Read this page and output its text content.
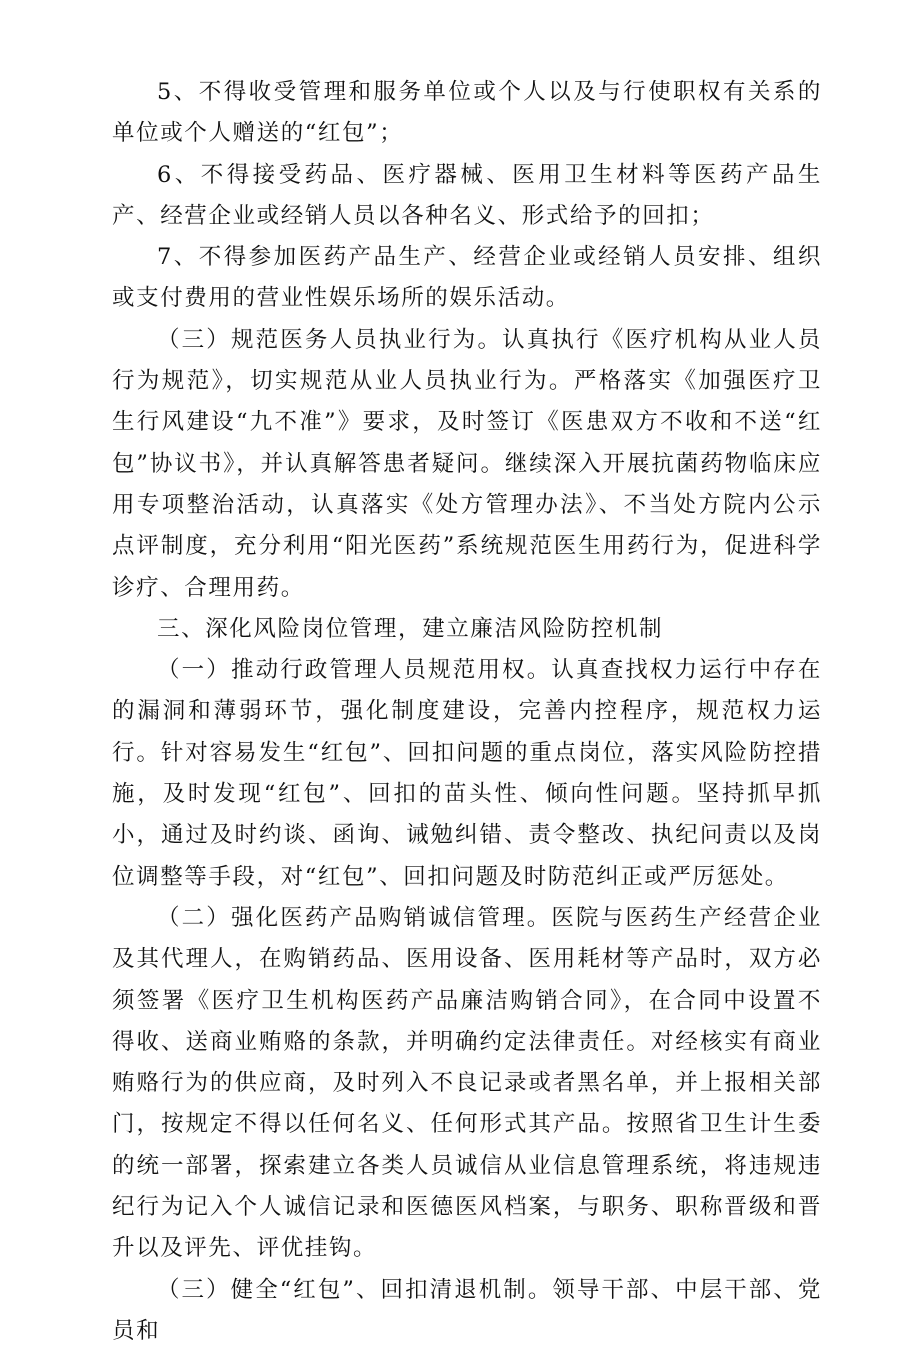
5、不得收受管理和服务单位或个人以及与行使职权有关系的单位或个人赠送的“红包”；

6、不得接受药品、医疗器械、医用卫生材料等医药产品生产、经营企业或经销人员以各种名义、形式给予的回扣；

7、不得参加医药产品生产、经营企业或经销人员安排、组织或支付费用的营业性娱乐场所的娱乐活动。

（三）规范医务人员执业行为。认真执行《医疗机构从业人员行为规范》，切实规范从业人员执业行为。严格落实《加强医疗卫生行风建设“九不准”》要求，及时签订《医患双方不收和不送“红包”协议书》，并认真解答患者疑问。继续深入开展抗菌药物临床应用专项整治活动，认真落实《处方管理办法》、不当处方院内公示点评制度，充分利用“阳光医药”系统规范医生用药行为，促进科学诊疗、合理用药。

三、深化风险岗位管理，建立廉洁风险防控机制

（一）推动行政管理人员规范用权。认真查找权力运行中存在的漏洞和薄弱环节，强化制度建设，完善内控程序，规范权力运行。针对容易发生“红包”、回扣问题的重点岗位，落实风险防控措施，及时发现“红包”、回扣的苗头性、倾向性问题。坚持抓早抓小，通过及时约谈、函询、诫勉纠错、责令整改、执纪问责以及岗位调整等手段，对“红包”、回扣问题及时防范纠正或严厉惩处。

（二）强化医药产品购销诚信管理。医院与医药生产经营企业及其代理人，在购销药品、医用设备、医用耗材等产品时，双方必须签署《医疗卫生机构医药产品廉洁购销合同》，在合同中设置不得收、送商业贿赂的条款，并明确约定法律责任。对经核实有商业贿赂行为的供应商，及时列入不良记录或者黑名单，并上报相关部门，按规定不得以任何名义、任何形式其产品。按照省卫生计生委的统一部署，探索建立各类人员诚信从业信息管理系统，将违规违纪行为记入个人诚信记录和医德医风档案，与职务、职称晋级和晋升以及评先、评优挂钩。

（三）健全“红包”、回扣清退机制。领导干部、中层干部、党员和
